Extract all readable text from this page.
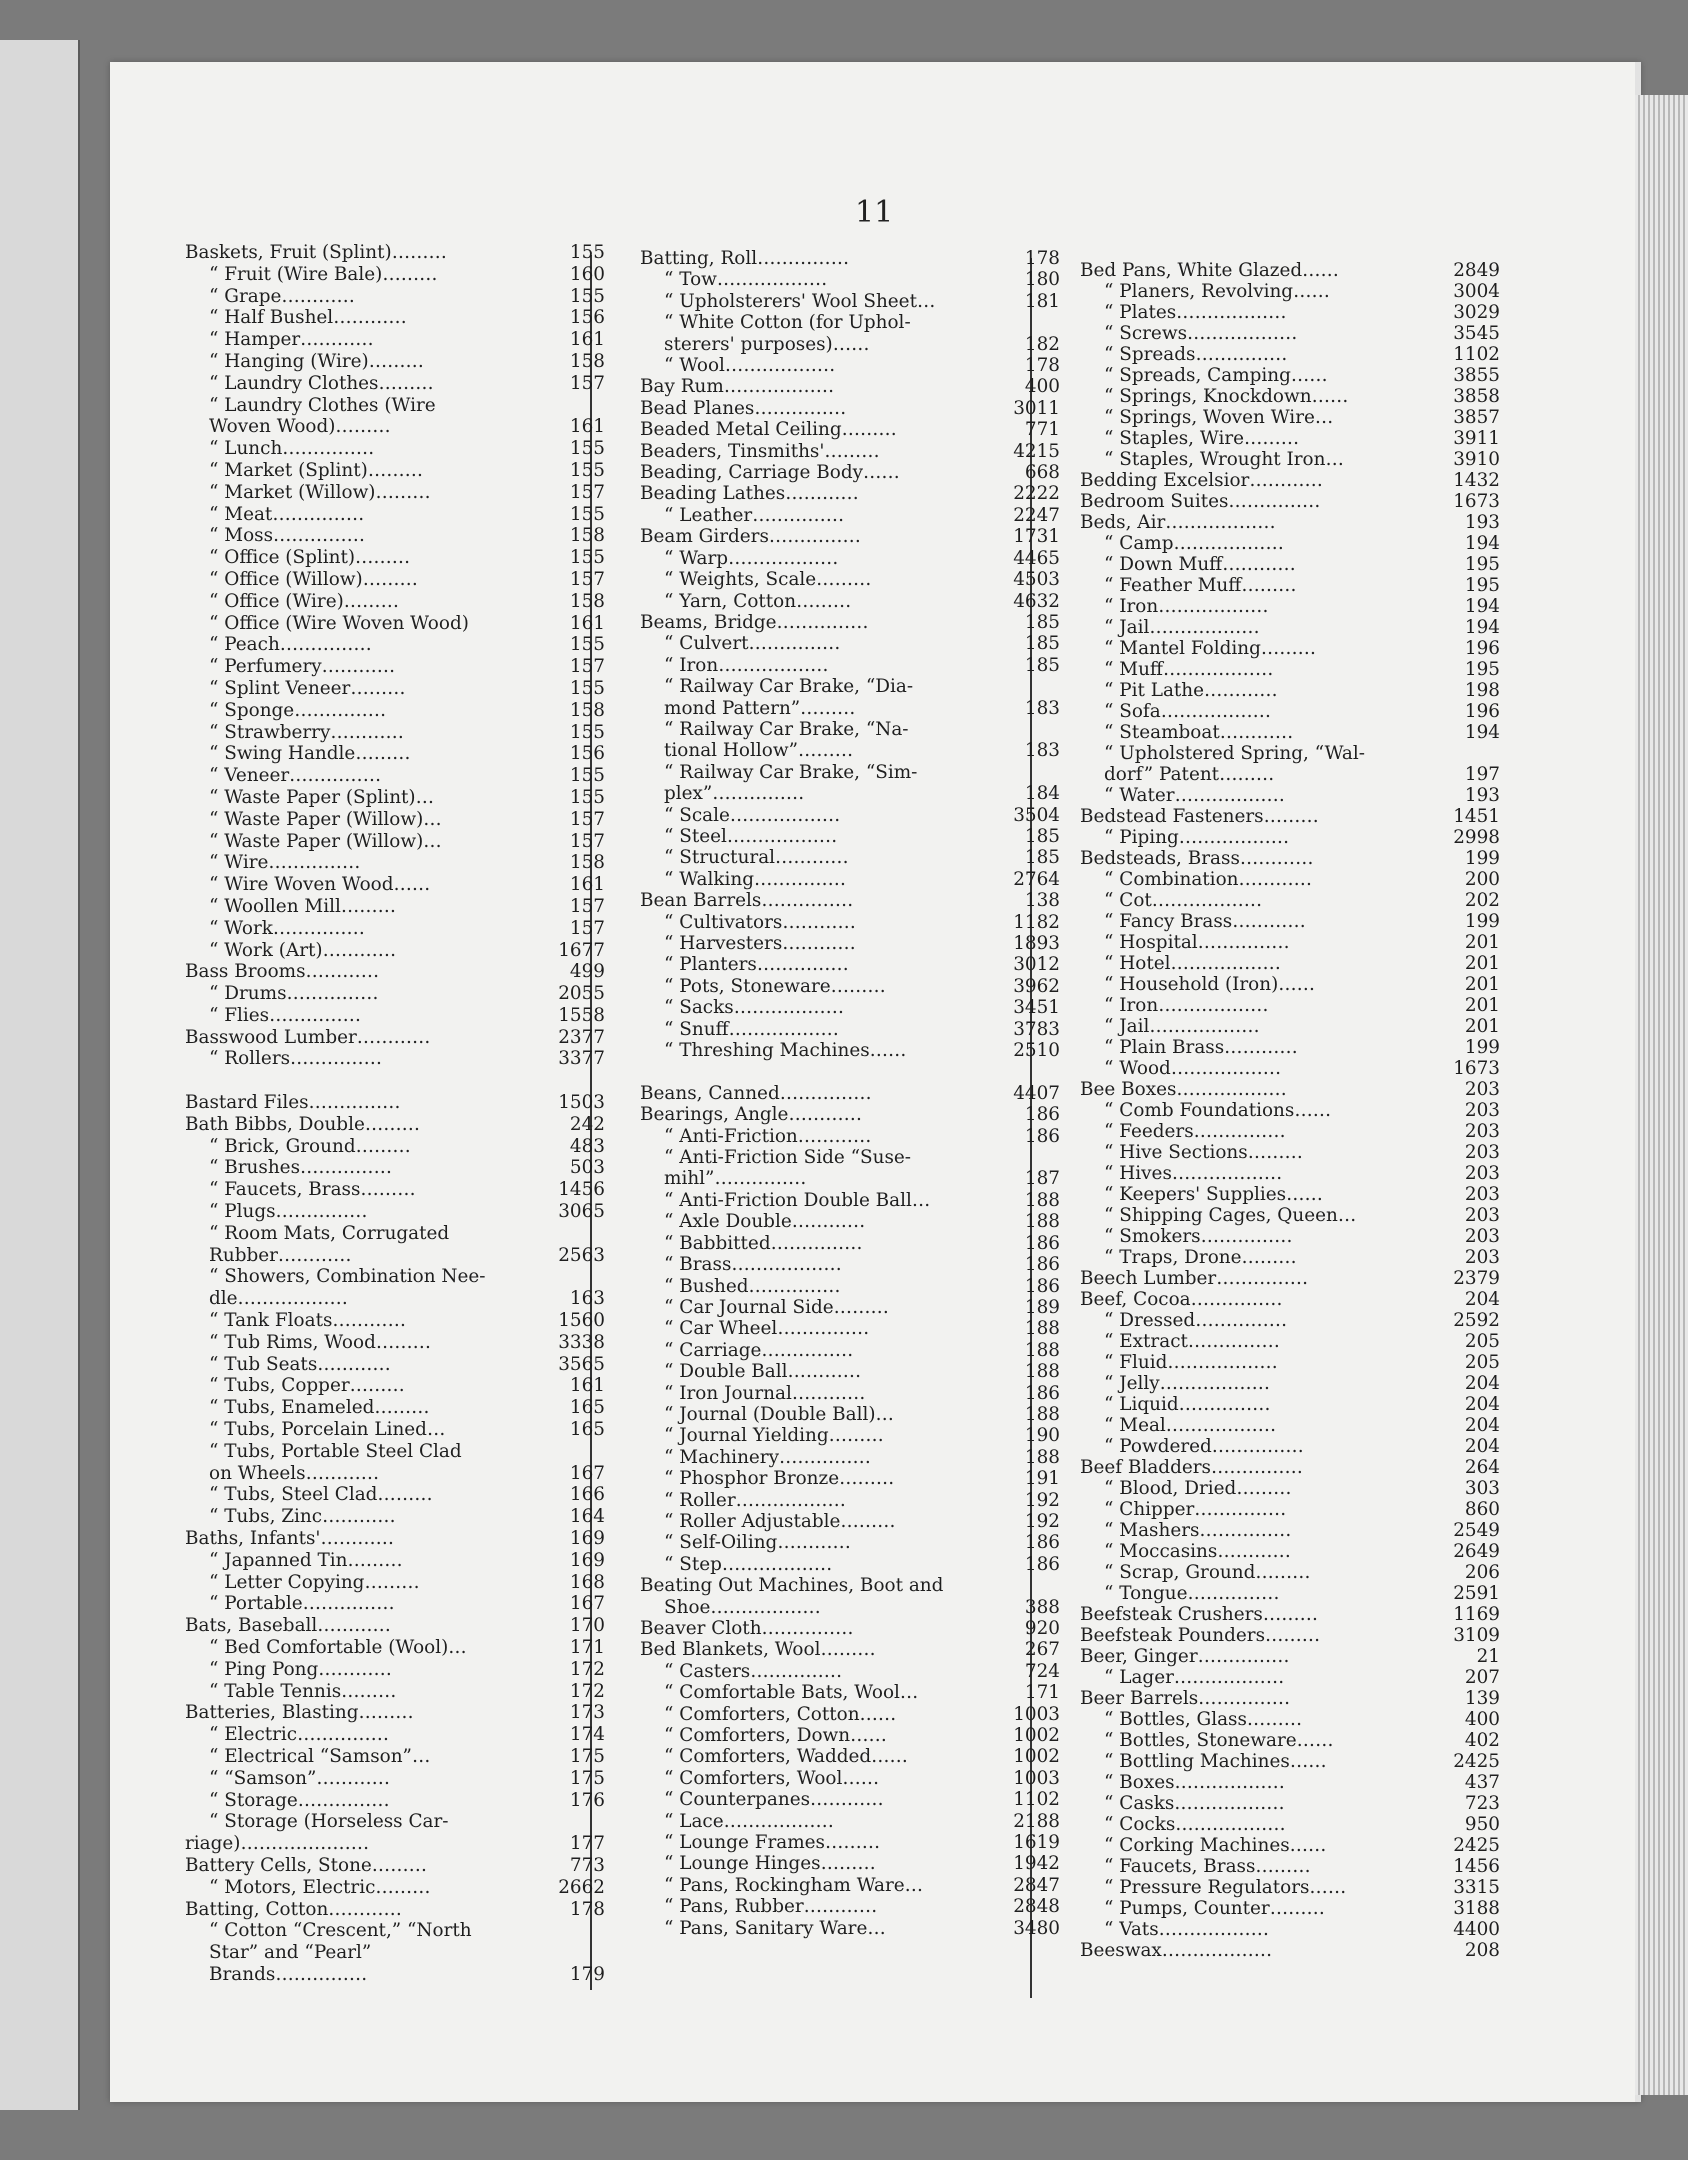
11
Baskets, Fruit (Splint)………	155
“ Fruit (Wire Bale)………	160
“ Grape…………	155
“ Half Bushel…………	156
“ Hamper…………	161
“ Hanging (Wire)………	158
“ Laundry Clothes………	157
“ Laundry Clothes (Wire
Woven Wood)………	161
“ Lunch……………	155
“ Market (Splint)………	155
“ Market (Willow)………	157
“ Meat……………	155
“ Moss……………	158
“ Office (Splint)………	155
“ Office (Willow)………	157
“ Office (Wire)………	158
“ Office (Wire Woven Wood)	161
“ Peach……………	155
“ Perfumery…………	157
“ Splint Veneer………	155
“ Sponge……………	158
“ Strawberry…………	155
“ Swing Handle………	156
“ Veneer……………	155
“ Waste Paper (Splint)…	155
“ Waste Paper (Willow)…	157
“ Waste Paper (Willow)…	157
“ Wire……………	158
“ Wire Woven Wood……	161
“ Woollen Mill………	157
“ Work……………	157
“ Work (Art)…………	1677
Bass Brooms…………	499
“ Drums……………	2055
“ Flies……………	1558
Basswood Lumber…………	2377
“ Rollers……………	3377

Bastard Files……………	1503
Bath Bibbs, Double………	242
“ Brick, Ground………	483
“ Brushes……………	503
“ Faucets, Brass………	1456
“ Plugs……………	3065
“ Room Mats, Corrugated
Rubber…………	2563
“ Showers, Combination Nee-
dle………………	163
“ Tank Floats…………	1560
“ Tub Rims, Wood………	3338
“ Tub Seats…………	3565
“ Tubs, Copper………	161
“ Tubs, Enameled………	165
“ Tubs, Porcelain Lined…	165
“ Tubs, Portable Steel Clad
on Wheels…………	167
“ Tubs, Steel Clad………	166
“ Tubs, Zinc…………	164
Baths, Infants'…………	169
“ Japanned Tin………	169
“ Letter Copying………	168
“ Portable……………	167
Bats, Baseball…………	170
“ Bed Comfortable (Wool)…	171
“ Ping Pong…………	172
“ Table Tennis………	172
Batteries, Blasting………	173
“ Electric……………	174
“ Electrical “Samson”…	175
“ “Samson”…………	175
“ Storage……………	176
“ Storage (Horseless Car-
riage)…………………	177
Battery Cells, Stone………	773
“ Motors, Electric………	2662
Batting, Cotton…………	178
“ Cotton “Crescent,” “North
Star” and “Pearl”
Brands……………	179
Batting, Roll……………	178
“ Tow………………	180
“ Upholsterers' Wool Sheet…	181
“ White Cotton (for Uphol-
sterers' purposes)……	182
“ Wool………………	178
Bay Rum………………	400
Bead Planes……………	3011
Beaded Metal Ceiling………	771
Beaders, Tinsmiths'………	4215
Beading, Carriage Body……	668
Beading Lathes…………	2222
“ Leather……………	2247
Beam Girders……………	1731
“ Warp………………	4465
“ Weights, Scale………	4503
“ Yarn, Cotton………	4632
Beams, Bridge……………	185
“ Culvert……………	185
“ Iron………………	185
“ Railway Car Brake, “Dia-
mond Pattern”………	183
“ Railway Car Brake, “Na-
tional Hollow”………	183
“ Railway Car Brake, “Sim-
plex”……………	184
“ Scale………………	3504
“ Steel………………	185
“ Structural…………	185
“ Walking……………	2764
Bean Barrels……………	138
“ Cultivators…………	1182
“ Harvesters…………	1893
“ Planters……………	3012
“ Pots, Stoneware………	3962
“ Sacks………………	3451
“ Snuff………………	3783
“ Threshing Machines……	2510

Beans, Canned……………	4407
Bearings, Angle…………	186
“ Anti-Friction…………	186
“ Anti-Friction Side “Suse-
mihl”……………	187
“ Anti-Friction Double Ball…	188
“ Axle Double…………	188
“ Babbitted……………	186
“ Brass………………	186
“ Bushed……………	186
“ Car Journal Side………	189
“ Car Wheel……………	188
“ Carriage……………	188
“ Double Ball…………	188
“ Iron Journal…………	186
“ Journal (Double Ball)…	188
“ Journal Yielding………	190
“ Machinery……………	188
“ Phosphor Bronze………	191
“ Roller………………	192
“ Roller Adjustable………	192
“ Self-Oiling…………	186
“ Step………………	186
Beating Out Machines, Boot and
Shoe………………	388
Beaver Cloth……………	920
Bed Blankets, Wool………	267
“ Casters……………	724
“ Comfortable Bats, Wool…	171
“ Comforters, Cotton……	1003
“ Comforters, Down……	1002
“ Comforters, Wadded……	1002
“ Comforters, Wool……	1003
“ Counterpanes…………	1102
“ Lace………………	2188
“ Lounge Frames………	1619
“ Lounge Hinges………	1942
“ Pans, Rockingham Ware…	2847
“ Pans, Rubber…………	2848
“ Pans, Sanitary Ware…	3480
Bed Pans, White Glazed……	2849
“ Planers, Revolving……	3004
“ Plates………………	3029
“ Screws………………	3545
“ Spreads……………	1102
“ Spreads, Camping……	3855
“ Springs, Knockdown……	3858
“ Springs, Woven Wire…	3857
“ Staples, Wire………	3911
“ Staples, Wrought Iron…	3910
Bedding Excelsior…………	1432
Bedroom Suites……………	1673
Beds, Air………………	193
“ Camp………………	194
“ Down Muff…………	195
“ Feather Muff………	195
“ Iron………………	194
“ Jail………………	194
“ Mantel Folding………	196
“ Muff………………	195
“ Pit Lathe…………	198
“ Sofa………………	196
“ Steamboat…………	194
“ Upholstered Spring, “Wal-
dorf” Patent………	197
“ Water………………	193
Bedstead Fasteners………	1451
“ Piping………………	2998
Bedsteads, Brass…………	199
“ Combination…………	200
“ Cot………………	202
“ Fancy Brass…………	199
“ Hospital……………	201
“ Hotel………………	201
“ Household (Iron)……	201
“ Iron………………	201
“ Jail………………	201
“ Plain Brass…………	199
“ Wood………………	1673
Bee Boxes………………	203
“ Comb Foundations……	203
“ Feeders……………	203
“ Hive Sections………	203
“ Hives………………	203
“ Keepers' Supplies……	203
“ Shipping Cages, Queen…	203
“ Smokers……………	203
“ Traps, Drone………	203
Beech Lumber……………	2379
Beef, Cocoa……………	204
“ Dressed……………	2592
“ Extract……………	205
“ Fluid………………	205
“ Jelly………………	204
“ Liquid……………	204
“ Meal………………	204
“ Powdered……………	204
Beef Bladders……………	264
“ Blood, Dried………	303
“ Chipper……………	860
“ Mashers……………	2549
“ Moccasins…………	2649
“ Scrap, Ground………	206
“ Tongue……………	2591
Beefsteak Crushers………	1169
Beefsteak Pounders………	3109
Beer, Ginger……………	21
“ Lager………………	207
Beer Barrels……………	139
“ Bottles, Glass………	400
“ Bottles, Stoneware……	402
“ Bottling Machines……	2425
“ Boxes………………	437
“ Casks………………	723
“ Cocks………………	950
“ Corking Machines……	2425
“ Faucets, Brass………	1456
“ Pressure Regulators……	3315
“ Pumps, Counter………	3188
“ Vats………………	4400
Beeswax………………	208
